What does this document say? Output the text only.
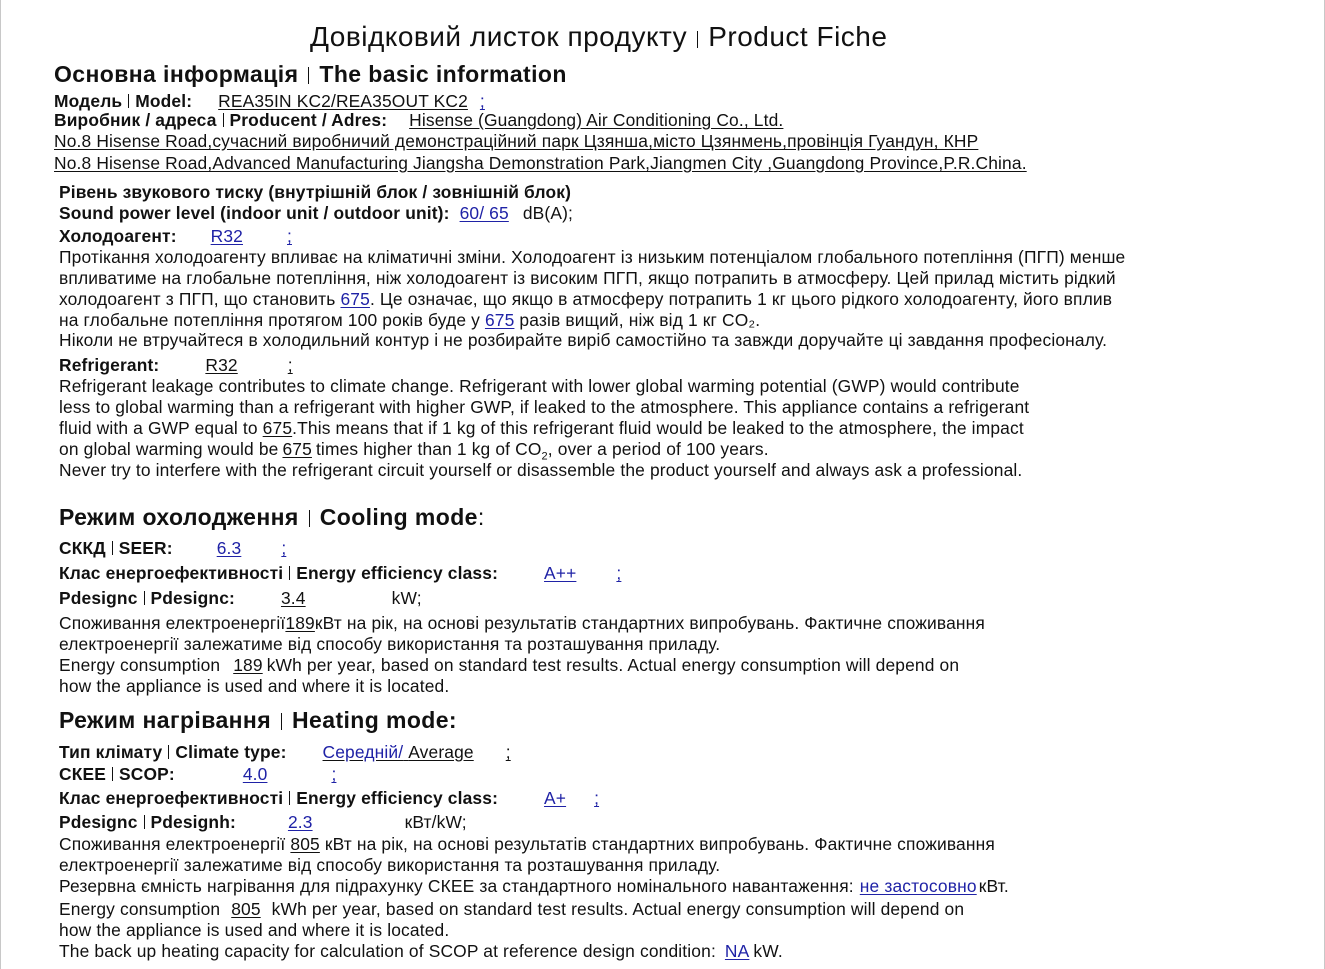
Довідковий листок продукту Product Fiche
Основна інформація The basic information
Модель Model: REA35IN KC2/REA35OUT KC2 ;
Виробник / адреса Producent / Adres: Hisense (Guangdong) Air Conditioning Co., Ltd.
No.8 Hisense Road,сучасний виробничий демонстраційний парк Цзянша,місто Цзянмень,провінція Гуандун, КНР
No.8 Hisense Road,Advanced Manufacturing Jiangsha Demonstration Park,Jiangmen City ,Guangdong Province,P.R.China.
Рівень звукового тиску (внутрішній блок / зовнішній блок)
Sound power level (indoor unit / outdoor unit): 60/ 65 dB(A);
Холодоагент: R32	;
Протікання холодоагенту впливає на кліматичні зміни. Холодоагент із низьким потенціалом глобального потепління (ПГП) менше
впливатиме на глобальне потепління, ніж холодоагент із високим ПГП, якщо потрапить в атмосферу. Цей прилад містить рідкий
холодоагент з ПГП, що становить 675. Це означає, що якщо в атмосферу потрапить 1 кг цього рідкого холодоагенту, його вплив
на глобальне потепління протягом 100 років буде у 675 разів вищий, ніж від 1 кг CO₂.
Ніколи не втручайтеся в холодильний контур і не розбирайте виріб самостійно та завжди доручайте ці завдання професіоналу.
Refrigerant:	R32	;
Refrigerant leakage contributes to climate change. Refrigerant with lower global warming potential (GWP) would contribute
less to global warming than a refrigerant with higher GWP, if leaked to the atmosphere. This appliance contains a refrigerant
fluid with a GWP equal to 675.This means that if 1 kg of this refrigerant fluid would be leaked to the atmosphere, the impact
on global warming would be 675 times higher than 1 kg of $CO_2$, over a period of 100 years.
Never try to interfere with the refrigerant circuit yourself or disassemble the product yourself and always ask a professional.
Режим охолодження Cooling mode:
СККД SEER:	6.3 ;
Клас енергоефективності Energy efficiency class:	A++ ;
Pdesignc Pdesignc:	3.4	kW;
Споживання електроенергії189кВт на рік, на основі результатів стандартних випробувань. Фактичне споживання
електроенергії залежатиме від способу використання та розташування приладу.
Energy consumption 189 kWh per year, based on standard test results. Actual energy consumption will depend on
how the appliance is used and where it is located.
Режим нагрівання Heating mode:
Тип клімату Climate type: Середній/ Average ;
СКЕЕ SCOP:	4.0	;
Клас енергоефективності Energy efficiency class:	A+ ;
Pdesignc Pdesignh:	2.3	кВт/kW;
Споживання електроенергії 805 кВт на рік, на основі результатів стандартних випробувань. Фактичне споживання
електроенергії залежатиме від способу використання та розташування приладу.
Резервна ємність нагрівання для підрахунку СКЕЕ за стандартного номінального навантаження: не застосовно кВт.
Energy consumption 805 kWh per year, based on standard test results. Actual energy consumption will depend on
how the appliance is used and where it is located.
The back up heating capacity for calculation of SCOP at reference design condition: NA kW.
